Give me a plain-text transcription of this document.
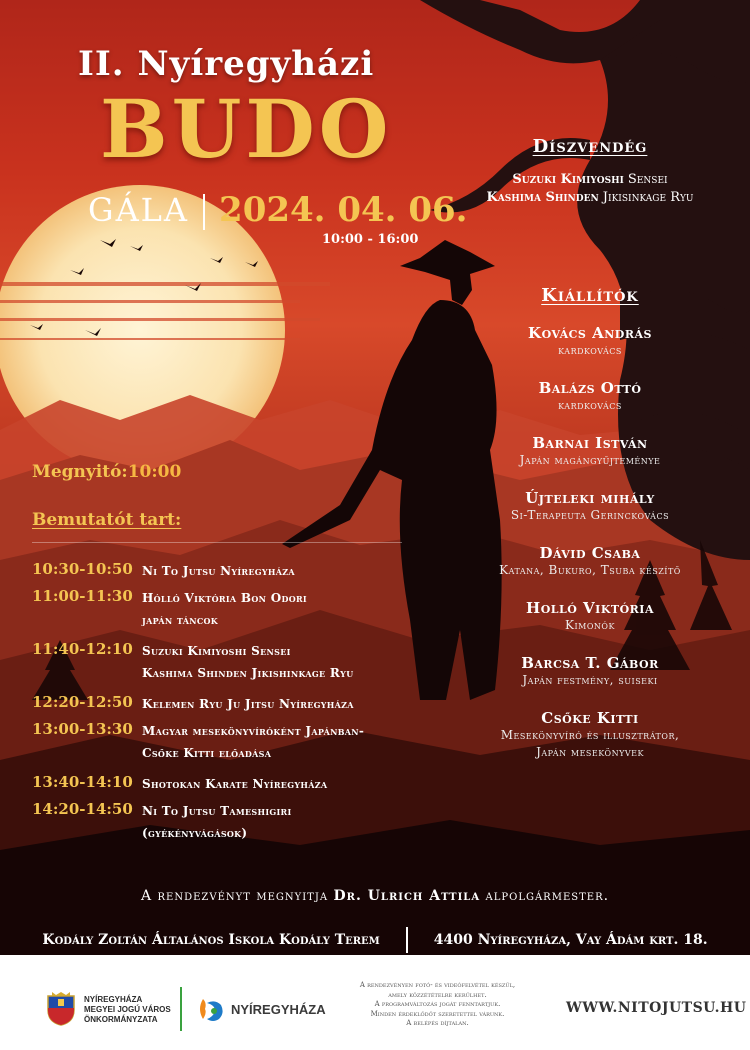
II. Nyíregyházi
BUDO
GÁLA 2024. 04. 06.
10:00 - 16:00
Megnyitó:10:00
Bemutatót tart:
10:30-10:50 Ni To Jutsu Nyíregyháza
11:00-11:30 Hólló Viktória Bon Odori
japán táncok
11:40-12:10 Suzuki Kimiyoshi Sensei
Kashima Shinden Jikishinkage Ryu
12:20-12:50 Kelemen Ryu Ju Jitsu Nyíregyháza
13:00-13:30 Magyar mesekönyvíróként Japánban-
Csőke Kitti előadása
13:40-14:10 Shotokan Karate Nyíregyháza
14:20-14:50 Ni To Jutsu Tameshigiri
(gyékényvágások)
Díszvendég
Suzuki Kimiyoshi Sensei
Kashima Shinden Jikisinkage Ryu
Kiállítók
Kovács András
kardkovács
Balázs Ottó
kardkovács
Barnai István
Japán magángyűjteménye
Újteleki mihály
Si-Terapeuta Gerinckovács
Dávid Csaba
Katana, Bukuro, Tsuba készítő
Holló Viktória
Kimonók
Barcsa T. Gábor
Japán festmény, suiseki
Csőke Kitti
Mesekönyvíró és illusztrátor,
Japán mesekönyvek
A rendezvényt megnyitja Dr. Ulrich Attila alpolgármester.
Kodály Zoltán Általános Iskola Kodály Terem	4400 Nyíregyháza, Vay Ádám krt. 18.
NYÍREGYHÁZA
MEGYEI JOGÚ VÁROS
ÖNKORMÁNYZATA
NYÍREGYHÁZA
A rendezvényen fotó- és videófelvétel készül,
amely közzétételre kerülhet.
A programváltozás jogát fenntartjuk.
Minden érdeklődőt szeretettel várunk.
A belépés díjtalan.
WWW.NITOJUTSU.HU
